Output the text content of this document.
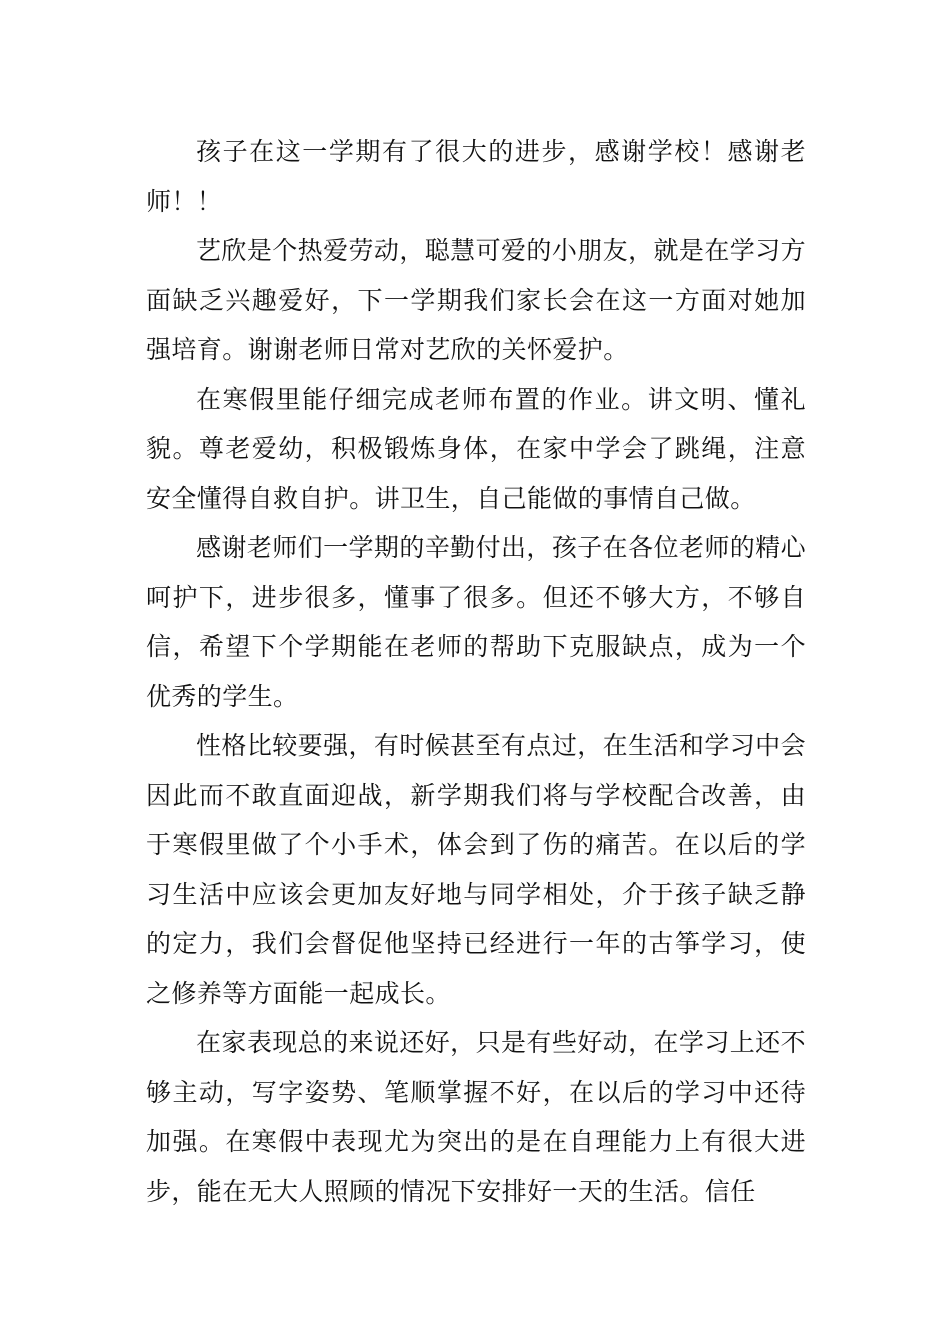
孩子在这一学期有了很大的进步，感谢学校！感谢老师！！

艺欣是个热爱劳动，聪慧可爱的小朋友，就是在学习方面缺乏兴趣爱好，下一学期我们家长会在这一方面对她加强培育。谢谢老师日常对艺欣的关怀爱护。

在寒假里能仔细完成老师布置的作业。讲文明、懂礼貌。尊老爱幼，积极锻炼身体，在家中学会了跳绳，注意安全懂得自救自护。讲卫生，自己能做的事情自己做。

感谢老师们一学期的辛勤付出，孩子在各位老师的精心呵护下，进步很多，懂事了很多。但还不够大方，不够自信，希望下个学期能在老师的帮助下克服缺点，成为一个优秀的学生。

性格比较要强，有时候甚至有点过，在生活和学习中会因此而不敢直面迎战，新学期我们将与学校配合改善，由于寒假里做了个小手术，体会到了伤的痛苦。在以后的学习生活中应该会更加友好地与同学相处，介于孩子缺乏静的定力，我们会督促他坚持已经进行一年的古筝学习，使之修养等方面能一起成长。

在家表现总的来说还好，只是有些好动，在学习上还不够主动，写字姿势、笔顺掌握不好，在以后的学习中还待加强。在寒假中表现尤为突出的是在自理能力上有很大进步，能在无大人照顾的情况下安排好一天的生活。信任
